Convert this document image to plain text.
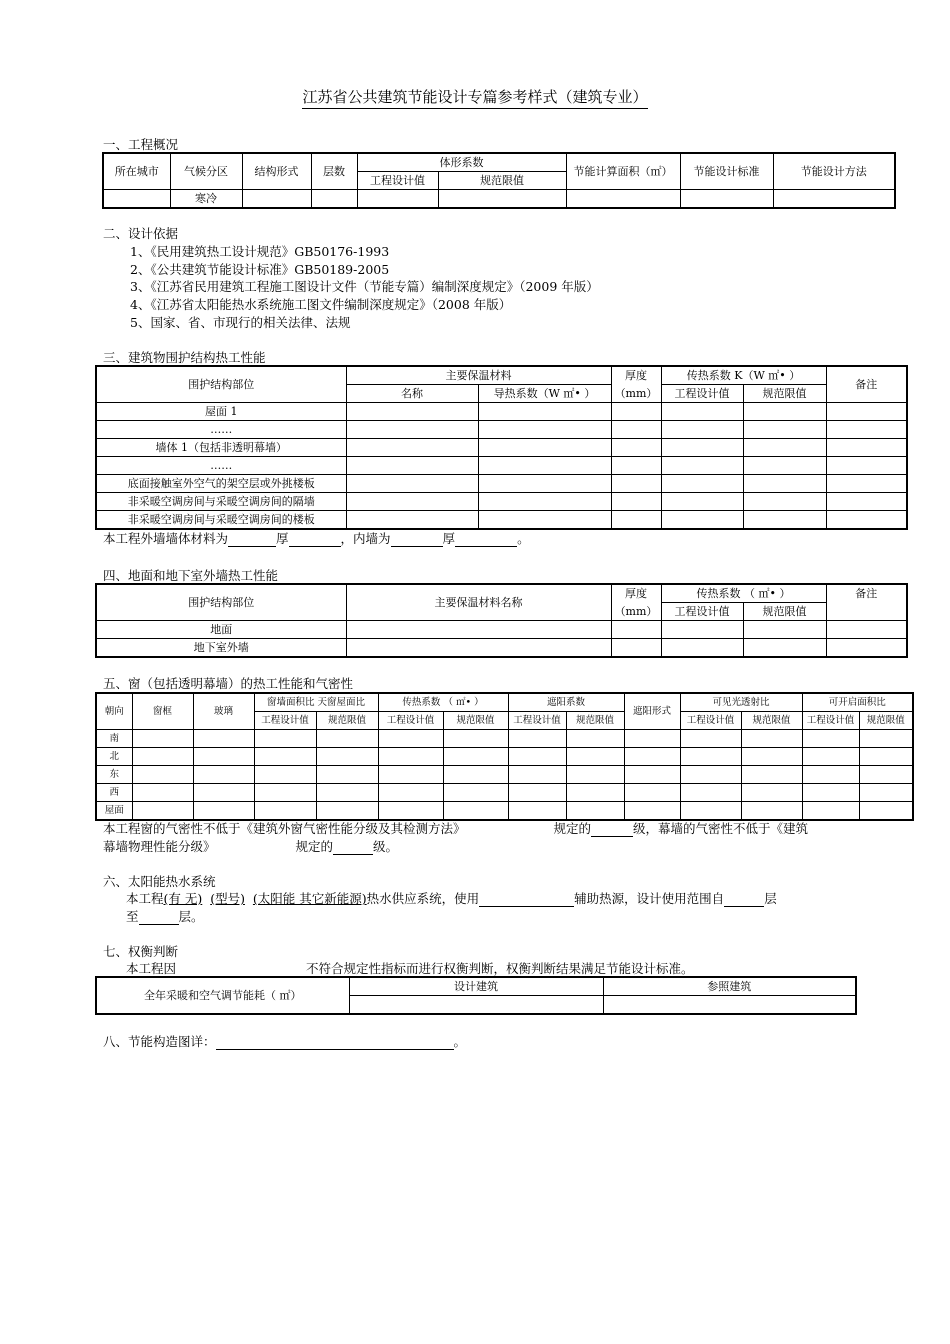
江苏省公共建筑节能设计专篇参考样式（建筑专业）
一、工程概况
所在城市	气候分区	结构形式	层数	体形系数		节能计算面积（㎡）	节能设计标准	节能设计方法
				工程设计值	规范限值			
	寒冷							
二、设计依据
1、《民用建筑热工设计规范》GB50176-1993
2、《公共建筑节能设计标准》GB50189-2005
3、《江苏省民用建筑工程施工图设计文件（节能专篇）编制深度规定》（2009 年版）
4、《江苏省太阳能热水系统施工图文件编制深度规定》（2008 年版）
5、国家、省、市现行的相关法律、法规
三、建筑物围护结构热工性能
围护结构部位	主要保温材料		厚度	传热系数 K（W ㎡• ）		备注
	名称	导热系数（W ㎡• ）	（mm）	工程设计值	规范限值	
屋面 1						
……						
墙体 1（包括非透明幕墙）						
……						
底面接触室外空气的架空层或外挑楼板						
非采暖空调房间与采暖空调房间的隔墙						
非采暖空调房间与采暖空调房间的楼板						
本工程外墙墙体材料为	厚	，内墙为	厚	。
四、地面和地下室外墙热工性能
围护结构部位	主要保温材料名称	厚度	传热系数 （ ㎡• ）		备注
		（mm）	工程设计值	规范限值	
地面					
地下室外墙					
五、窗（包括透明幕墙）的热工性能和气密性
朝向	窗框	玻璃	窗墙面积比 天窗屋面比		传热系数 （ ㎡• ）		遮阳系数		遮阳形式	可见光透射比		可开启面积比	
			工程设计值	规范限值	工程设计值	规范限值	工程设计值	规范限值		工程设计值	规范限值	工程设计值	规范限值
南													
北													
东													
西													
屋面													
本工程窗的气密性不低于《建筑外窗气密性能分级及其检测方法》	规定的	级，幕墙的气密性不低于《建筑
幕墙物理性能分级》	规定的	级。
六、太阳能热水系统
本工程(有 无) (型号) (太阳能 其它新能源)热水供应系统，使用	辅助热源，设计使用范围自	层
至	层。
七、权衡判断
本工程因	不符合规定性指标而进行权衡判断，权衡判断结果满足节能设计标准。
全年采暖和空气调节能耗（ ㎡）	设计建筑	参照建筑

八、节能构造图详：	。
